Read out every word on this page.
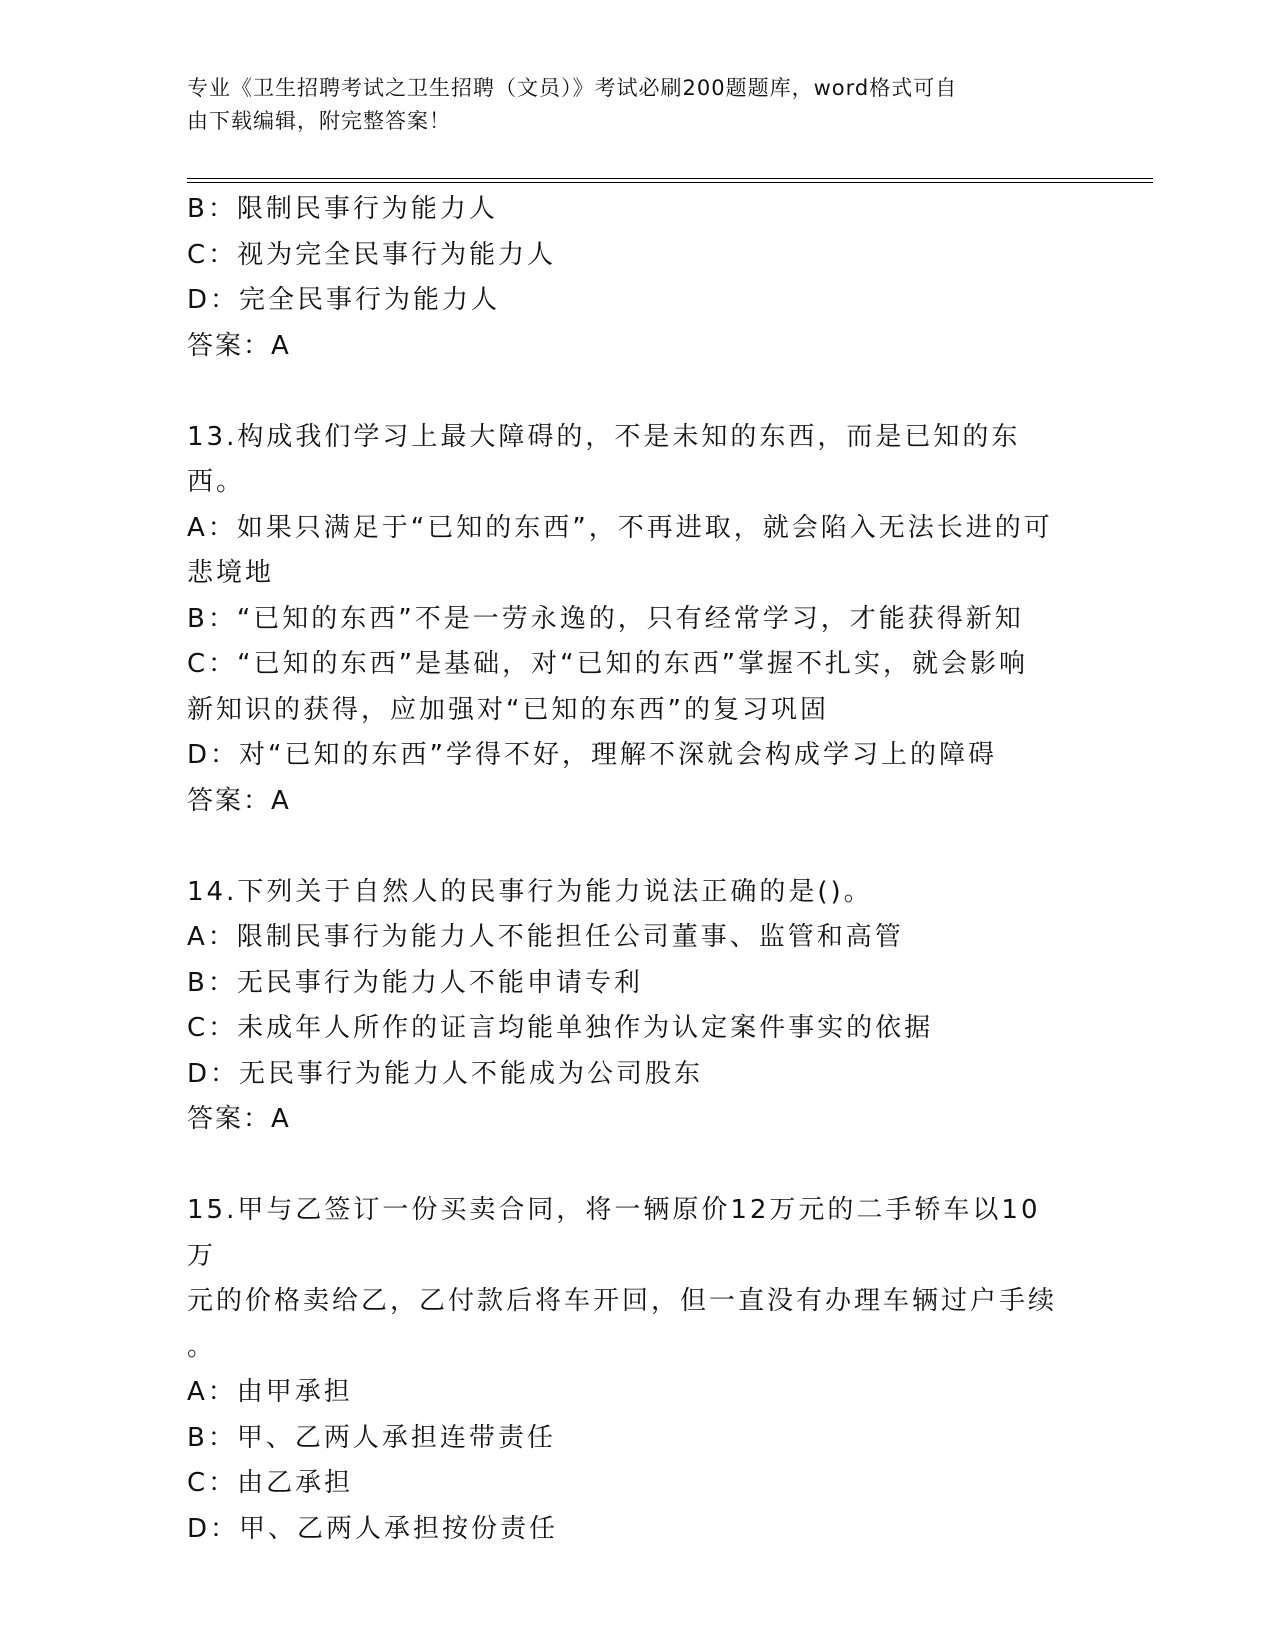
专业《卫生招聘考试之卫生招聘（文员）》考试必刷200题题库，word格式可自
由下载编辑，附完整答案！

B：限制民事行为能力人

C：视为完全民事行为能力人

D：完全民事行为能力人

答案：A

13.构成我们学习上最大障碍的，不是未知的东西，而是已知的东西。

A：如果只满足于“已知的东西”，不再进取，就会陷入无法长进的可

悲境地

B：“已知的东西”不是一劳永逸的，只有经常学习，才能获得新知

C：“已知的东西”是基础，对“已知的东西”掌握不扎实，就会影响

新知识的获得，应加强对“已知的东西”的复习巩固

D：对“已知的东西”学得不好，理解不深就会构成学习上的障碍

答案：A

14.下列关于自然人的民事行为能力说法正确的是()。

A：限制民事行为能力人不能担任公司董事、监管和高管

B：无民事行为能力人不能申请专利

C：未成年人所作的证言均能单独作为认定案件事实的依据

D：无民事行为能力人不能成为公司股东

答案：A

15.甲与乙签订一份买卖合同，将一辆原价12万元的二手轿车以10万

元的价格卖给乙，乙付款后将车开回，但一直没有办理车辆过户手续

。

A：由甲承担

B：甲、乙两人承担连带责任

C：由乙承担

D：甲、乙两人承担按份责任
